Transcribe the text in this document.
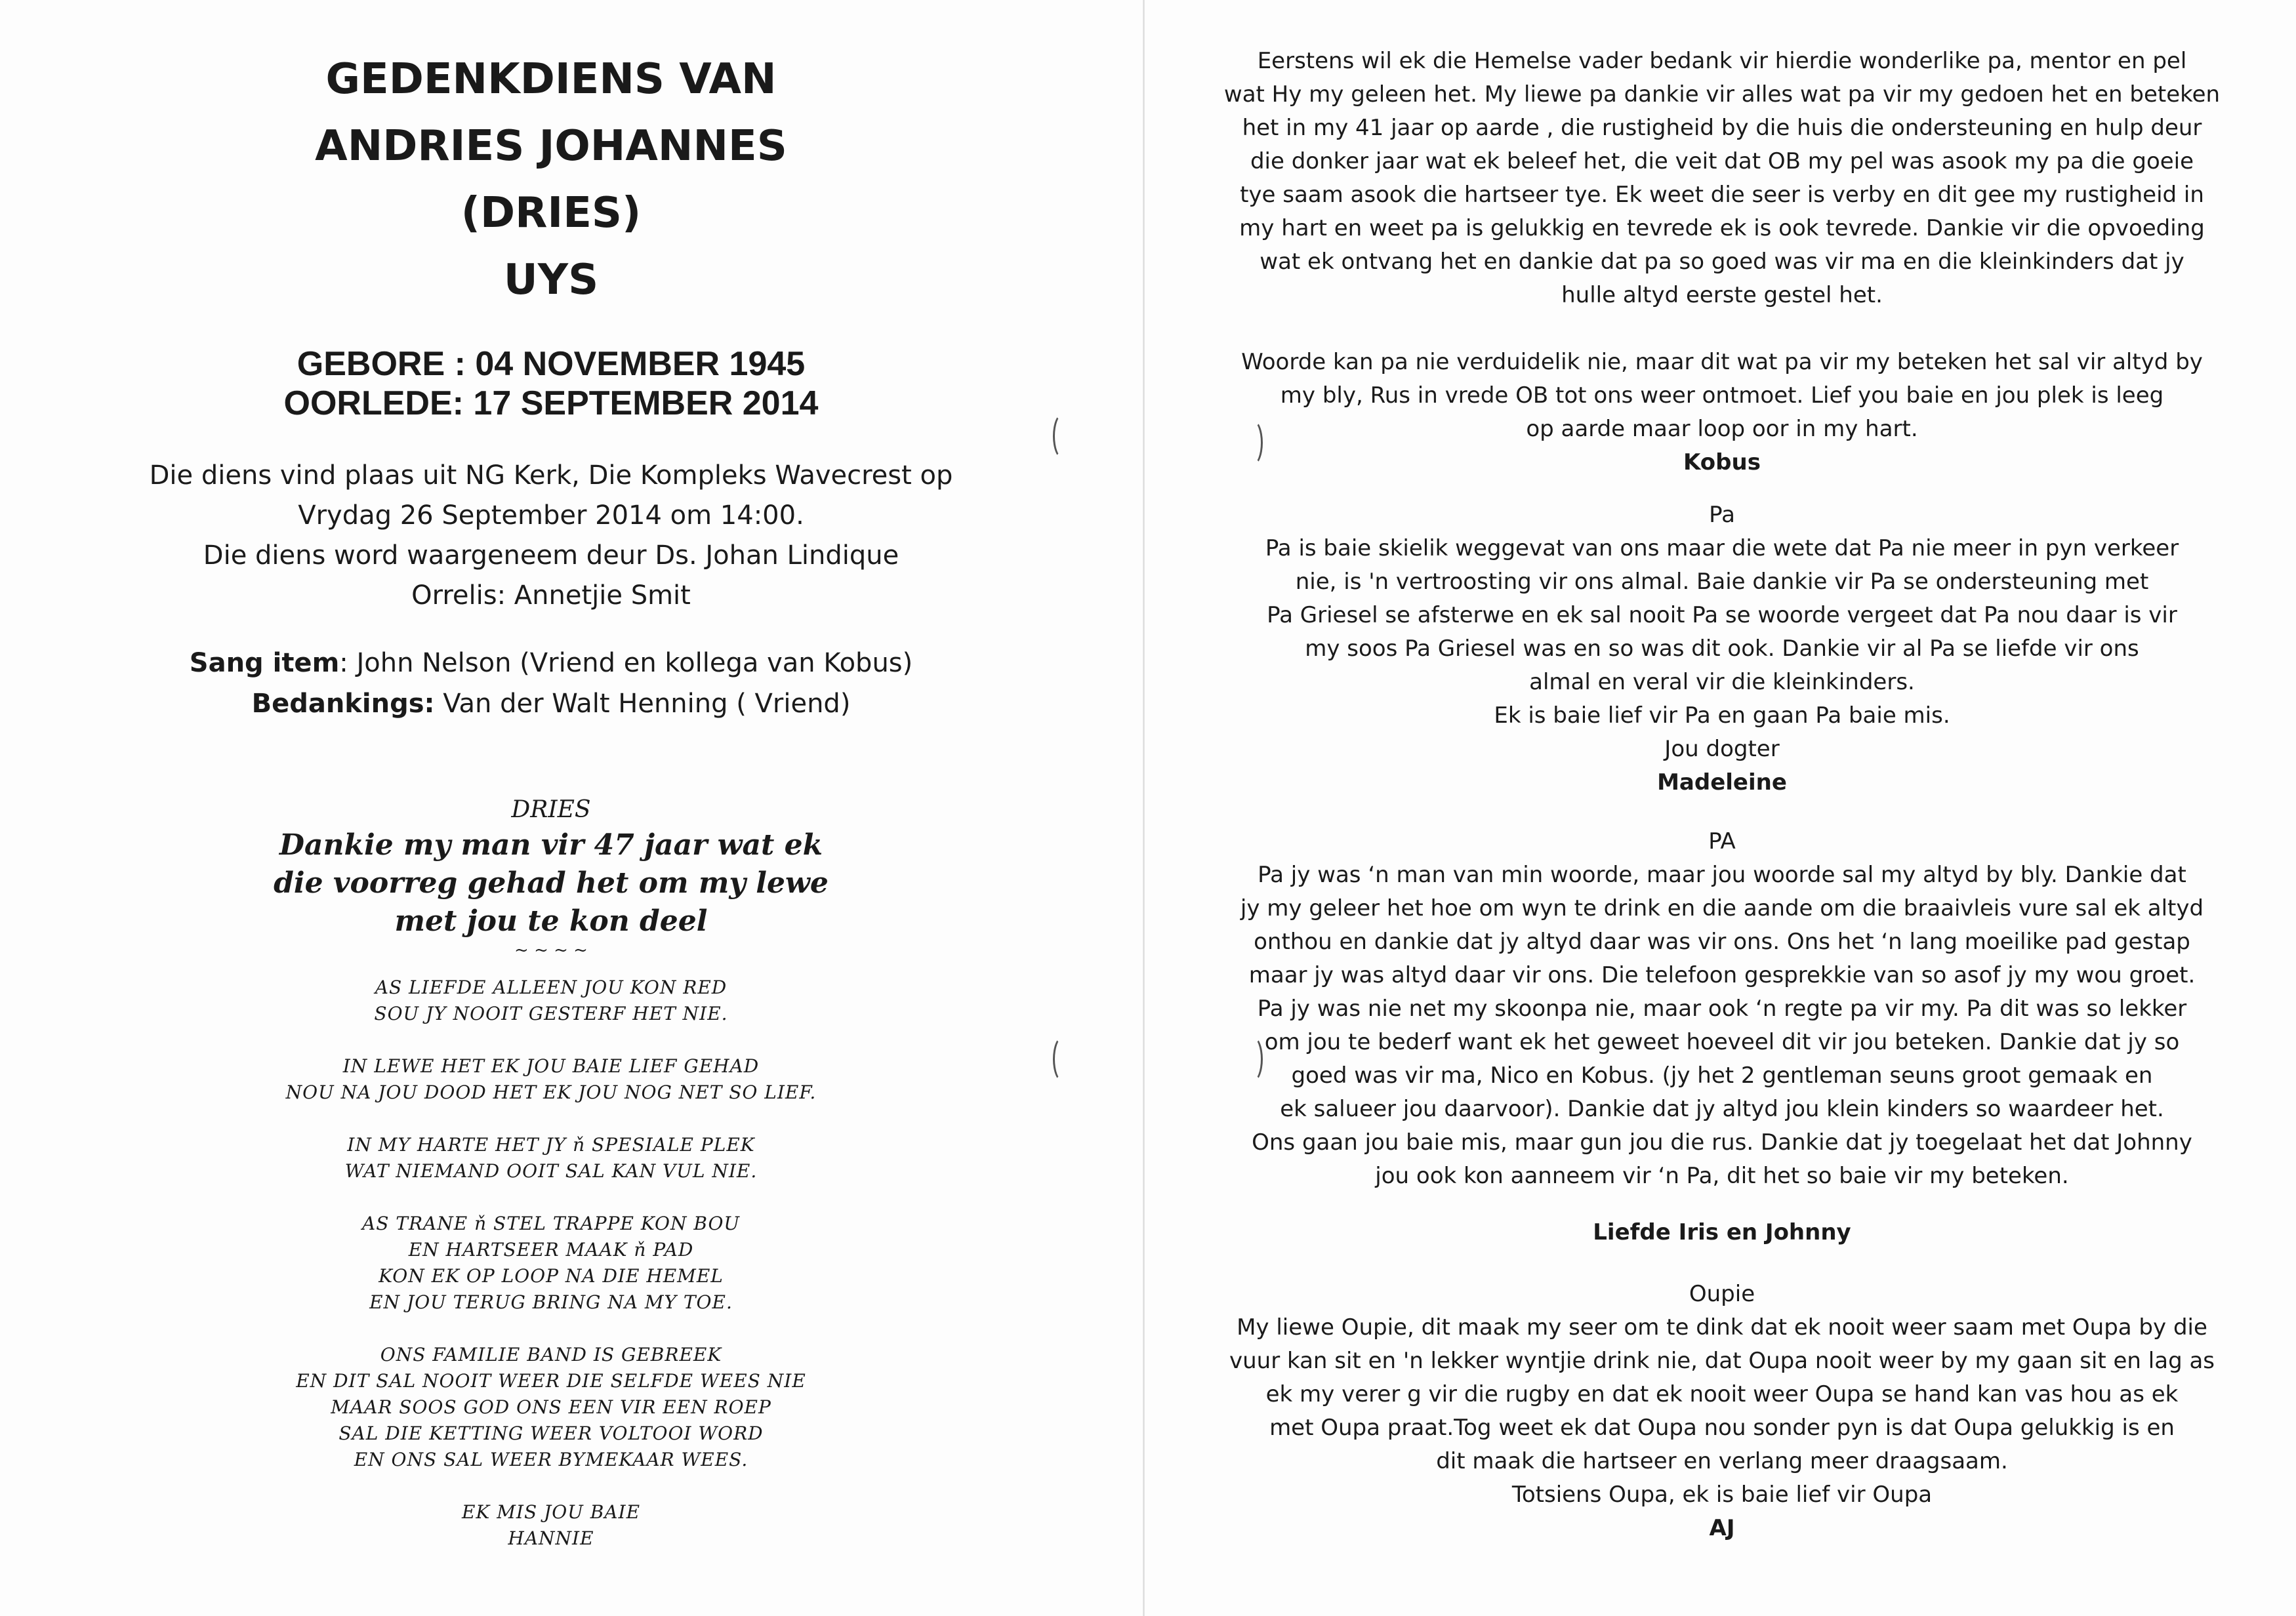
GEDENKDIENS VAN

ANDRIES JOHANNES

(DRIES)

UYS

GEBORE : 04 NOVEMBER 1945

OORLEDE: 17 SEPTEMBER 2014

Die diens vind plaas uit NG Kerk, Die Kompleks Wavecrest op

Vrydag 26 September 2014 om 14:00.

Die diens word waargeneem deur Ds. Johan Lindique

Orrelis: Annetjie Smit

Sang item: John Nelson (Vriend en kollega van Kobus)

Bedankings: Van der Walt Henning ( Vriend)

DRIES

Dankie my man vir 47 jaar wat ek

die voorreg gehad het om my lewe

met jou te kon deel

~ ~ ~ ~

AS LIEFDE ALLEEN JOU KON RED

SOU JY NOOIT GESTERF HET NIE.

IN LEWE HET EK JOU BAIE LIEF GEHAD

NOU NA JOU DOOD HET EK JOU NOG NET SO LIEF.

IN MY HARTE HET JY ň SPESIALE PLEK

WAT NIEMAND OOIT SAL KAN VUL NIE.

AS TRANE ň STEL TRAPPE KON BOU

EN HARTSEER MAAK ň PAD

KON EK OP LOOP NA DIE HEMEL

EN JOU TERUG BRING NA MY TOE.

ONS FAMILIE BAND IS GEBREEK

EN DIT SAL NOOIT WEER DIE SELFDE WEES NIE

MAAR SOOS GOD ONS EEN VIR EEN ROEP

SAL DIE KETTING WEER VOLTOOI WORD

EN ONS SAL WEER BYMEKAAR WEES.

EK MIS JOU BAIE

HANNIE

Eerstens wil ek die Hemelse vader bedank vir hierdie wonderlike pa, mentor en pel

wat Hy my geleen het. My liewe pa dankie vir alles wat pa vir my gedoen het en beteken

het in my 41 jaar op aarde , die rustigheid by die huis die ondersteuning en hulp deur

die donker jaar wat ek beleef het, die veit dat OB my pel was asook my pa die goeie

tye saam asook die hartseer tye. Ek weet die seer is verby en dit gee my rustigheid in

my hart en weet pa is gelukkig en tevrede ek is ook tevrede. Dankie vir die opvoeding

wat ek ontvang het en dankie dat pa so goed was vir ma en die kleinkinders dat jy

hulle altyd eerste gestel het.

Woorde kan pa nie verduidelik nie, maar dit wat pa vir my beteken het sal vir altyd by

my bly, Rus in vrede OB tot ons weer ontmoet. Lief you baie en jou plek is leeg

op aarde maar loop oor in my hart.

Kobus

Pa

Pa is baie skielik weggevat van ons maar die wete dat Pa nie meer in pyn verkeer

nie, is 'n vertroosting vir ons almal. Baie dankie vir Pa se ondersteuning met

Pa Griesel se afsterwe en ek sal nooit Pa se woorde vergeet dat Pa nou daar is vir

my soos Pa Griesel was en so was dit ook. Dankie vir al Pa se liefde vir ons

almal en veral vir die kleinkinders.

Ek is baie lief vir Pa en gaan Pa baie mis.

Jou dogter

Madeleine

PA

Pa jy was ‘n man van min woorde, maar jou woorde sal my altyd by bly. Dankie dat

jy my geleer het hoe om wyn te drink en die aande om die braaivleis vure sal ek altyd

onthou en dankie dat jy altyd daar was vir ons. Ons het ‘n lang moeilike pad gestap

maar jy was altyd daar vir ons. Die telefoon gesprekkie van so asof jy my wou groet.

Pa jy was nie net my skoonpa nie, maar ook ‘n regte pa vir my. Pa dit was so lekker

om jou te bederf want ek het geweet hoeveel dit vir jou beteken. Dankie dat jy so

goed was vir ma, Nico en Kobus. (jy het 2 gentleman seuns groot gemaak en

ek salueer jou daarvoor). Dankie dat jy altyd jou klein kinders so waardeer het.

Ons gaan jou baie mis, maar gun jou die rus. Dankie dat jy toegelaat het dat Johnny

jou ook kon aanneem vir ‘n Pa, dit het so baie vir my beteken.

Liefde Iris en Johnny

Oupie

My liewe Oupie, dit maak my seer om te dink dat ek nooit weer saam met Oupa by die

vuur kan sit en 'n lekker wyntjie drink nie, dat Oupa nooit weer by my gaan sit en lag as

ek my verer g vir die rugby en dat ek nooit weer Oupa se hand kan vas hou as ek

met Oupa praat.Tog weet ek dat Oupa nou sonder pyn is dat Oupa gelukkig is en

dit maak die hartseer en verlang meer draagsaam.

Totsiens Oupa, ek is baie lief vir Oupa

AJ
